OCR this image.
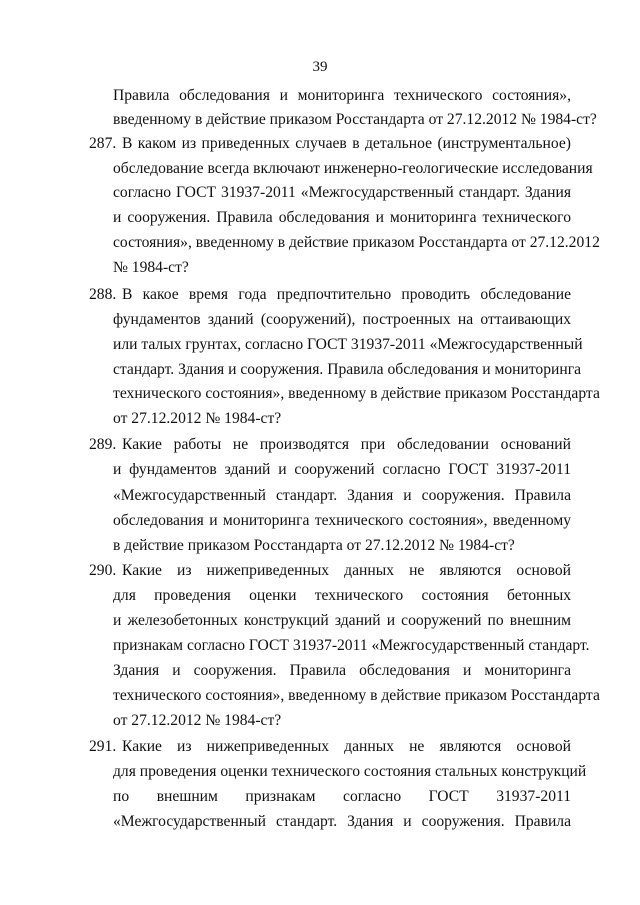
39
Правила обследования и мониторинга технического состояния»,
введенному в действие приказом Росстандарта от 27.12.2012 № 1984-ст?
287. В каком из приведенных случаев в детальное (инструментальное)
обследование всегда включают инженерно-геологические исследования
согласно ГОСТ 31937-2011 «Межгосударственный стандарт. Здания
и сооружения. Правила обследования и мониторинга технического
состояния», введенному в действие приказом Росстандарта от 27.12.2012
№ 1984-ст?
288. В какое время года предпочтительно проводить обследование
фундаментов зданий (сооружений), построенных на оттаивающих
или талых грунтах, согласно ГОСТ 31937-2011 «Межгосударственный
стандарт. Здания и сооружения. Правила обследования и мониторинга
технического состояния», введенному в действие приказом Росстандарта
от 27.12.2012 № 1984-ст?
289. Какие работы не производятся при обследовании оснований
и фундаментов зданий и сооружений согласно ГОСТ 31937-2011
«Межгосударственный стандарт. Здания и сооружения. Правила
обследования и мониторинга технического состояния», введенному
в действие приказом Росстандарта от 27.12.2012 № 1984-ст?
290. Какие из нижеприведенных данных не являются основой
для проведения оценки технического состояния бетонных
и железобетонных конструкций зданий и сооружений по внешним
признакам согласно ГОСТ 31937-2011 «Межгосударственный стандарт.
Здания и сооружения. Правила обследования и мониторинга
технического состояния», введенному в действие приказом Росстандарта
от 27.12.2012 № 1984-ст?
291. Какие из нижеприведенных данных не являются основой
для проведения оценки технического состояния стальных конструкций
по внешним признакам согласно ГОСТ 31937-2011
«Межгосударственный стандарт. Здания и сооружения. Правила
